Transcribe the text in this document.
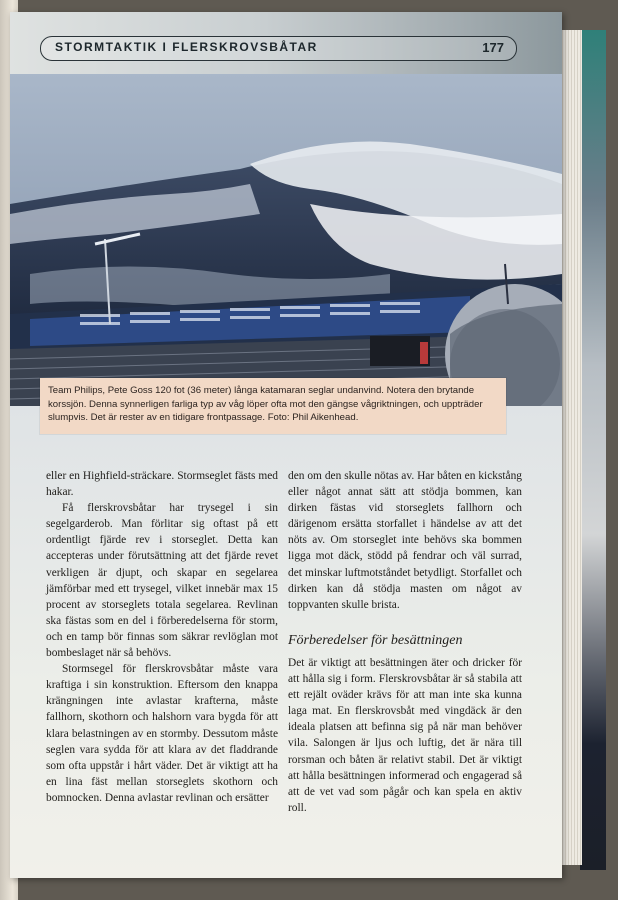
STORMTAKTIK I FLERSKROVSBÅTAR	177
Team Philips, Pete Goss 120 fot (36 meter) långa katamaran seglar undanvind. Notera den brytande korssjön. Denna synnerligen farliga typ av våg löper ofta mot den gängse vågriktningen, och uppträder slumpvis. Det är rester av en tidigare frontpassage. Foto: Phil Aikenhead.

eller en Highfield-sträckare. Stormseglet fästs med hakar.

Få flerskrovsbåtar har trysegel i sin segelgarderob. Man förlitar sig oftast på ett ordentligt fjärde rev i storseglet. Detta kan accepteras under förutsättning att det fjärde revet verkligen är djupt, och skapar en segelarea jämförbar med ett trysegel, vilket innebär max 15 procent av storseglets totala segelarea. Revlinan ska fästas som en del i förberedelserna för storm, och en tamp bör finnas som säkrar revlöglan mot bombeslaget när så behövs.

Stormsegel för flerskrovsbåtar måste vara kraftiga i sin konstruktion. Eftersom den knappa krängningen inte avlastar krafterna, måste fallhorn, skothorn och halshorn vara bygda för att klara belastningen av en stormby. Dessutom måste seglen vara sydda för att klara av det fladdrande som ofta uppstår i hårt väder. Det är viktigt att ha en lina fäst mellan storseglets skothorn och bomnocken. Denna avlastar revlinan och ersätter

den om den skulle nötas av. Har båten en kickstång eller något annat sätt att stödja bommen, kan dirken fästas vid storseglets fallhorn och därigenom ersätta storfallet i händelse av att det nöts av. Om storseglet inte behövs ska bommen ligga mot däck, stödd på fendrar och väl surrad, det minskar luftmotståndet betydligt. Storfallet och dirken kan då stödja masten om något av toppvanten skulle brista.

Förberedelser för besättningen

Det är viktigt att besättningen äter och dricker för att hålla sig i form. Flerskrovsbåtar är så stabila att ett rejält oväder krävs för att man inte ska kunna laga mat. En flerskrovsbåt med vingdäck är den ideala platsen att befinna sig på när man behöver vila. Salongen är ljus och luftig, det är nära till rorsman och båten är relativt stabil. Det är viktigt att hålla besättningen informerad och engagerad så att de vet vad som pågår och kan spela en aktiv roll.
